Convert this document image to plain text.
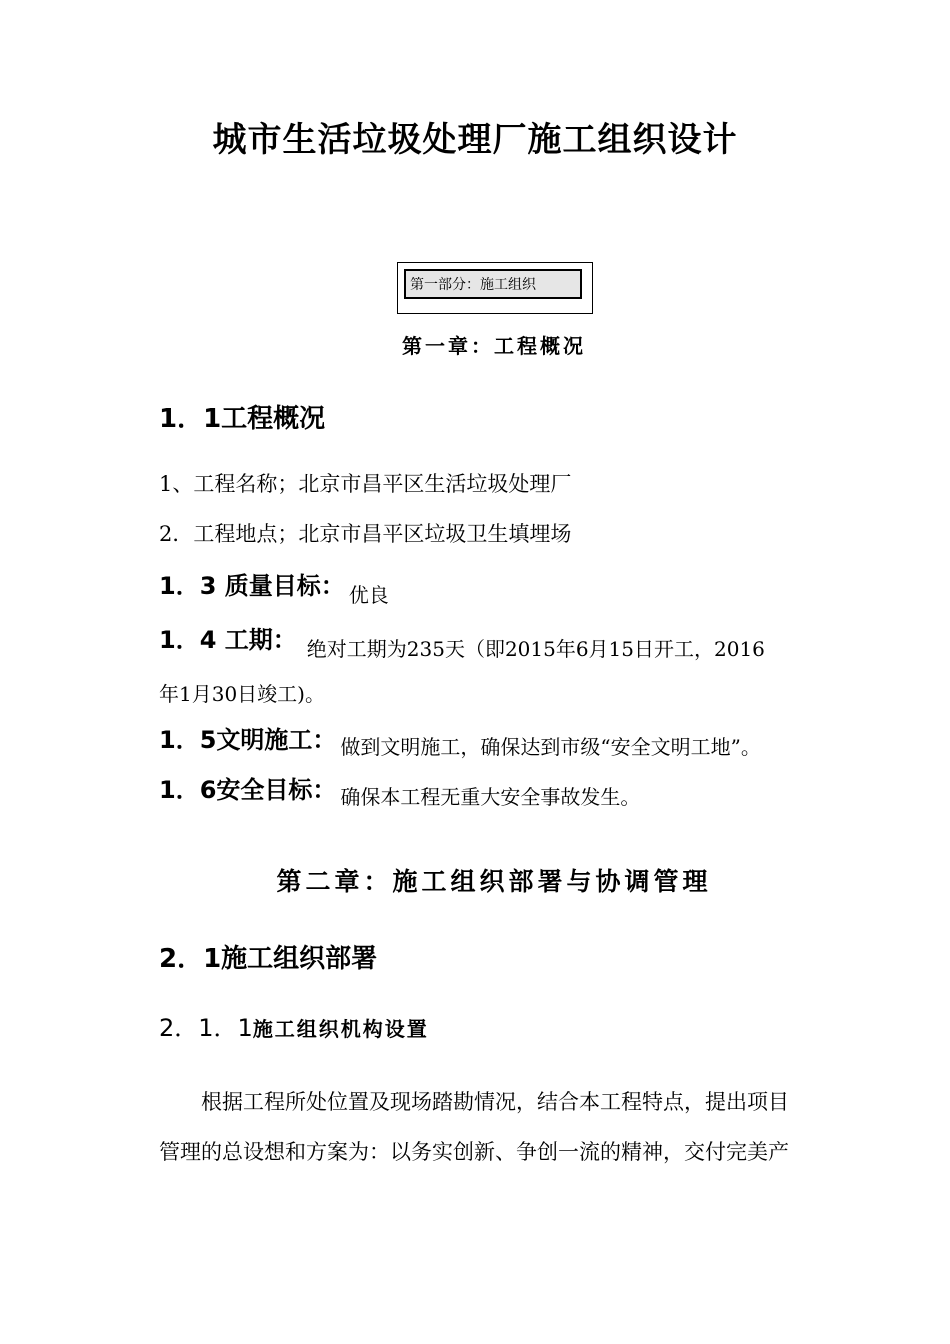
城市生活垃圾处理厂施工组织设计
第一部分：施工组织
第一章：工程概况
1．1工程概况
1、工程名称；北京市昌平区生活垃圾处理厂
2．工程地点；北京市昌平区垃圾卫生填埋场
1．3 质量目标： 优良
1．4 工期： 绝对工期为235天（即2015年6月15日开工，2016
年1月30日竣工)。
1．5文明施工： 做到文明施工，确保达到市级“安全文明工地”。
1．6安全目标： 确保本工程无重大安全事故发生。
第二章：施工组织部署与协调管理
2．1施工组织部署
2．1．1施工组织机构设置
根据工程所处位置及现场踏勘情况，结合本工程特点，提出项目
管理的总设想和方案为：以务实创新、争创一流的精神，交付完美产
